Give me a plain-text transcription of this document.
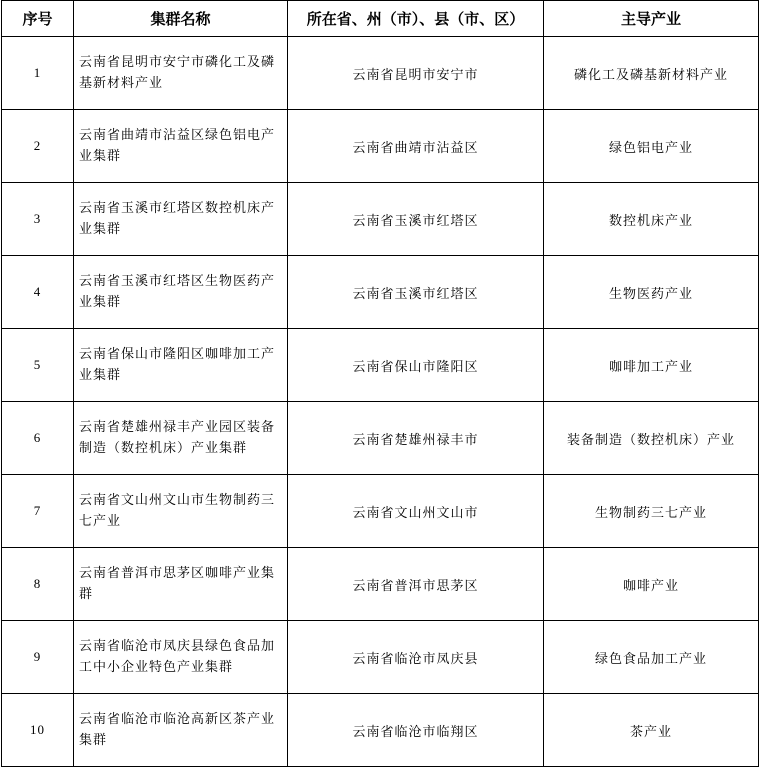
序号	集群名称	所在省、州（市）、县（市、区）	主导产业
1	云南省昆明市安宁市磷化工及磷基新材料产业	云南省昆明市安宁市	磷化工及磷基新材料产业
2	云南省曲靖市沾益区绿色铝电产业集群	云南省曲靖市沾益区	绿色铝电产业
3	云南省玉溪市红塔区数控机床产业集群	云南省玉溪市红塔区	数控机床产业
4	云南省玉溪市红塔区生物医药产业集群	云南省玉溪市红塔区	生物医药产业
5	云南省保山市隆阳区咖啡加工产业集群	云南省保山市隆阳区	咖啡加工产业
6	云南省楚雄州禄丰产业园区装备制造（数控机床）产业集群	云南省楚雄州禄丰市	装备制造（数控机床）产业
7	云南省文山州文山市生物制药三七产业	云南省文山州文山市	生物制药三七产业
8	云南省普洱市思茅区咖啡产业集群	云南省普洱市思茅区	咖啡产业
9	云南省临沧市凤庆县绿色食品加工中小企业特色产业集群	云南省临沧市凤庆县	绿色食品加工产业
10	云南省临沧市临沧高新区茶产业集群	云南省临沧市临翔区	茶产业
